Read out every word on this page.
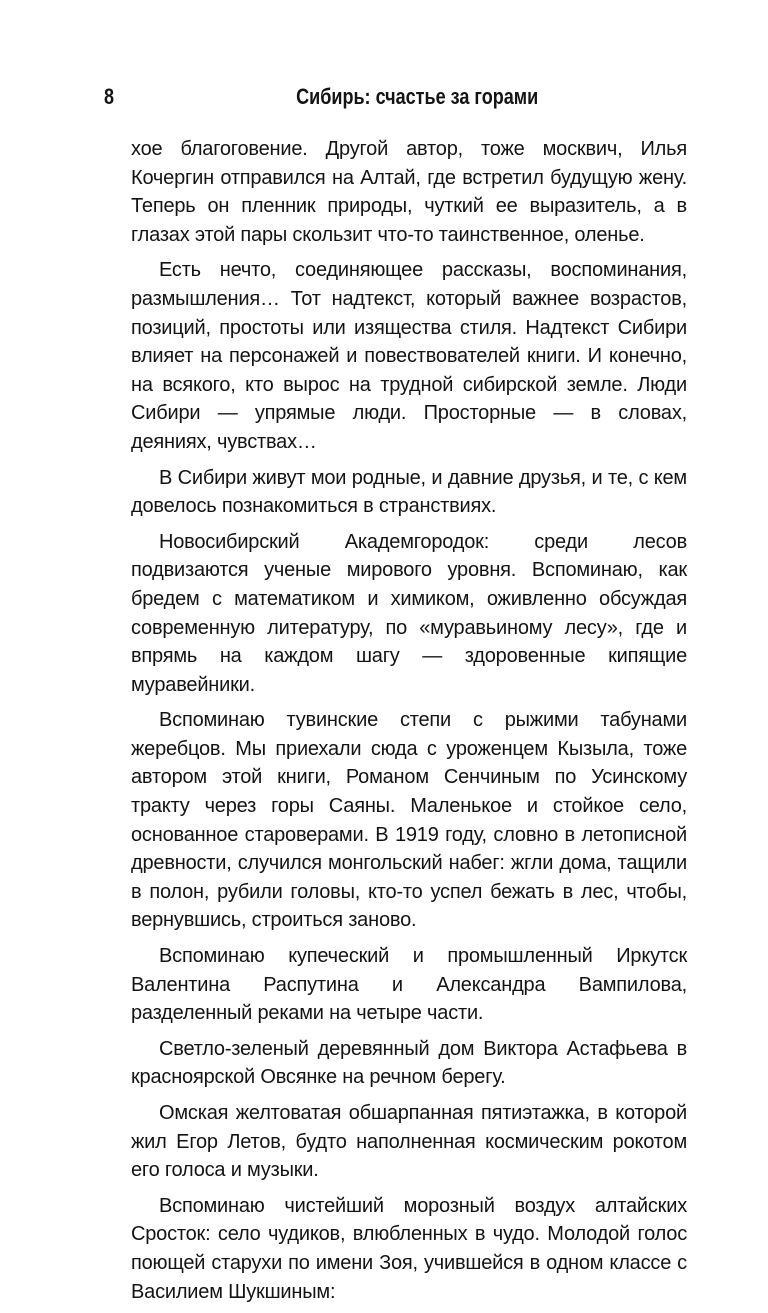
8	Сибирь: счастье за горами

хое благоговение. Другой автор, тоже москвич, Илья Кочергин отправился на Алтай, где встретил будущую жену. Теперь он пленник природы, чуткий ее выразитель, а в глазах этой пары скользит что-то таинственное, оленье.

Есть нечто, соединяющее рассказы, воспоминания, размышления… Тот надтекст, который важнее возрастов, позиций, простоты или изящества стиля. Надтекст Сибири влияет на персонажей и повествователей книги. И конечно, на всякого, кто вырос на трудной сибирской земле. Люди Сибири — упрямые люди. Просторные — в словах, деяниях, чувствах…

В Сибири живут мои родные, и давние друзья, и те, с кем довелось познакомиться в странствиях.

Новосибирский Академгородок: среди лесов подвизаются ученые мирового уровня. Вспоминаю, как бредем с математиком и химиком, оживленно обсуждая современную литературу, по «муравьиному лесу», где и впрямь на каждом шагу — здоровенные кипящие муравейники.

Вспоминаю тувинские степи с рыжими табунами жеребцов. Мы приехали сюда с уроженцем Кызыла, тоже автором этой книги, Романом Сенчиным по Усинскому тракту через горы Саяны. Маленькое и стойкое село, основанное староверами. В 1919 году, словно в летописной древности, случился монгольский набег: жгли дома, тащили в полон, рубили головы, кто-то успел бежать в лес, чтобы, вернувшись, строиться заново.

Вспоминаю купеческий и промышленный Иркутск Валентина Распутина и Александра Вампилова, разделенный реками на четыре части.

Светло-зеленый деревянный дом Виктора Астафьева в красноярской Овсянке на речном берегу.

Омская желтоватая обшарпанная пятиэтажка, в которой жил Егор Летов, будто наполненная космическим рокотом его голоса и музыки.

Вспоминаю чистейший морозный воздух алтайских Сросток: село чудиков, влюбленных в чудо. Молодой голос поющей старухи по имени Зоя, учившейся в одном классе с Василием Шукшиным:
